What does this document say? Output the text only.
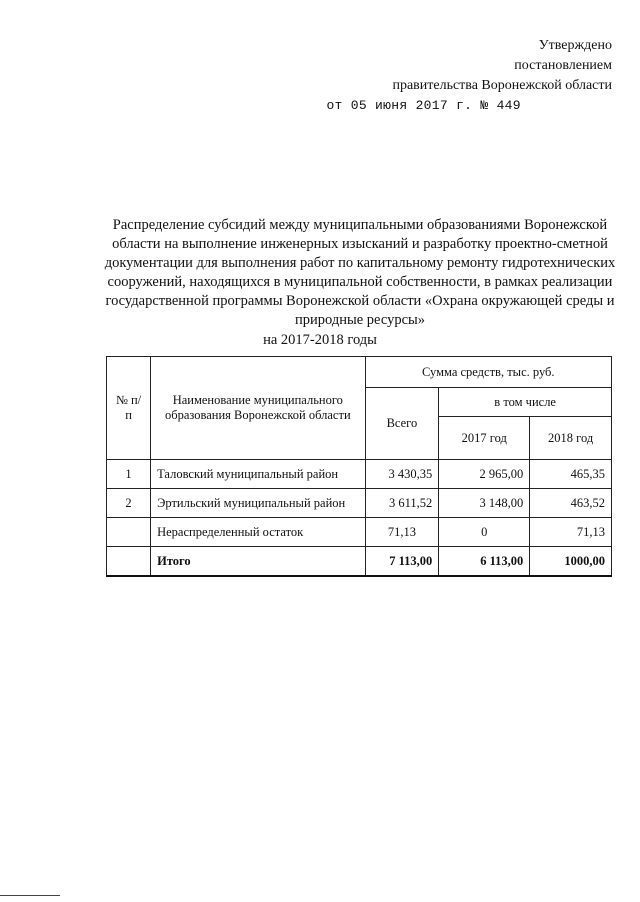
Утверждено
постановлением
правительства Воронежской области
от 05 июня 2017 г. № 449
Распределение субсидий между муниципальными образованиями Воронежской области на выполнение инженерных изысканий и разработку проектно-сметной документации для выполнения работ по капитальному ремонту гидротехнических сооружений, находящихся в муниципальной собственности, в рамках реализации государственной программы Воронежской области «Охрана окружающей среды и природные ресурсы»
на 2017-2018 годы
№ п/п	Наименование муниципального образования Воронежской области	Сумма средств, тыс. руб.		
		Всего	в том числе	
			2017 год	2018 год
1	Таловский муниципальный район	3 430,35	2 965,00	465,35
2	Эртильский муниципальный район	3 611,52	3 148,00	463,52
	Нераспределенный остаток	71,13	0	71,13
	Итого	7 113,00	6 113,00	1000,00
